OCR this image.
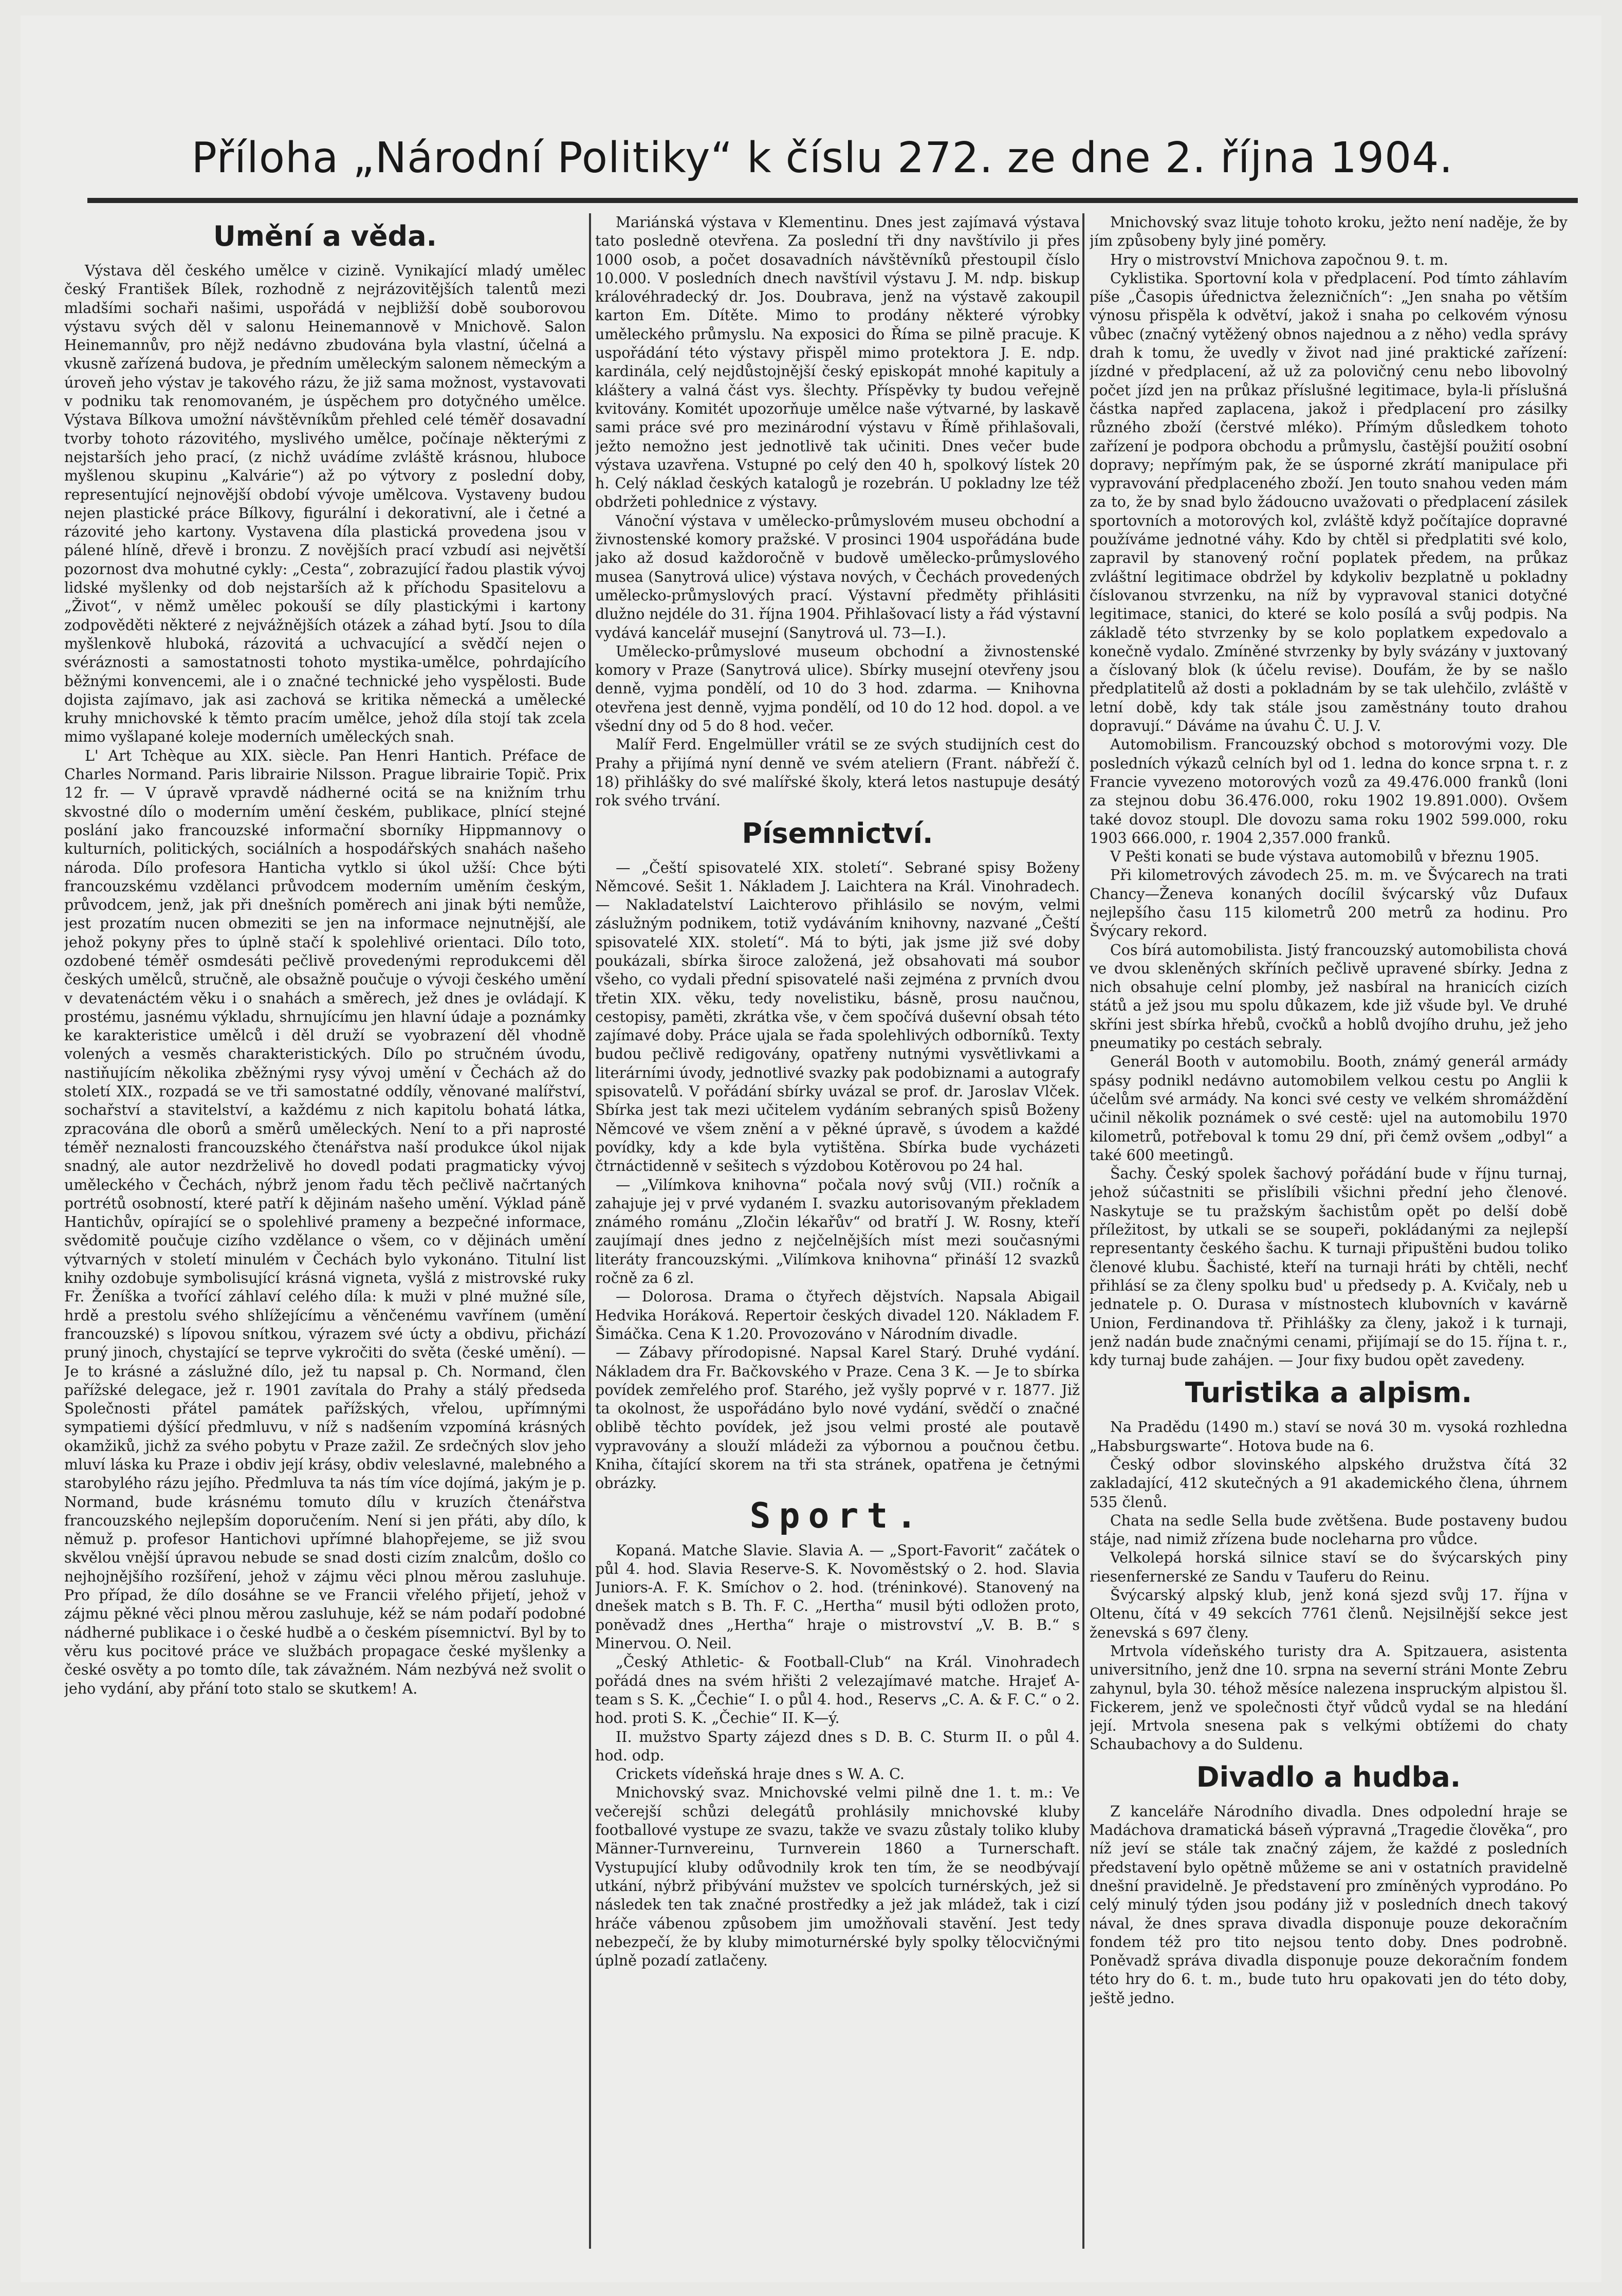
Příloha „Národní Politiky“ k číslu 272. ze dne 2. října 1904.
Umění a věda.

Výstava děl českého umělce v cizině. Vynikající mladý umělec český František Bílek, rozhodně z nejrázovitějších talentů mezi mladšími sochaři našimi, uspořádá v nejbližší době souborovou výstavu svých děl v salonu Heinemannově v Mnichově. Salon Heinemannův, pro nějž nedávno zbudována byla vlastní, účelná a vkusně zařízená budova, je předním uměleckým salonem německým a úroveň jeho výstav je takového rázu, že již sama možnost, vystavovati v podniku tak renomovaném, je úspěchem pro dotyčného umělce. Výstava Bílkova umožní návštěvníkům přehled celé téměř dosavadní tvorby tohoto rázovitého, myslivého umělce, počínaje některými z nejstarších jeho prací, (z nichž uvádíme zvláště krásnou, hluboce myšlenou skupinu „Kalvárie“) až po výtvory z poslední doby, representující nejnovější období vývoje umělcova. Vystaveny budou nejen plastické práce Bílkovy, figurální i dekorativní, ale i četné a rázovité jeho kartony. Vystavena díla plastická provedena jsou v pálené hlíně, dřevě i bronzu. Z novějších prací vzbudí asi největší pozornost dva mohutné cykly: „Cesta“, zobrazující řadou plastik vývoj lidské myšlenky od dob nejstarších až k příchodu Spasitelovu a „Život“, v němž umělec pokouší se díly plastickými i kartony zodpověděti některé z nejvážnějších otázek a záhad bytí. Jsou to díla myšlenkově hluboká, rázovitá a uchvacující a svědčí nejen o svéráznosti a samostatnosti tohoto mystika-umělce, pohrdajícího běžnými konvencemi, ale i o značné technické jeho vyspělosti. Bude dojista zajímavo, jak asi zachová se kritika německá a umělecké kruhy mnichovské k těmto pracím umělce, jehož díla stojí tak zcela mimo vyšlapané koleje moderních uměleckých snah.

L' Art Tchèque au XIX. siècle. Pan Henri Hantich. Préface de Charles Normand. Paris librairie Nilsson. Prague librairie Topič. Prix 12 fr. — V úpravě vpravdě nádherné ocitá se na knižním trhu skvostné dílo o moderním umění českém, publikace, plnící stejné poslání jako francouzské informační sborníky Hippmannovy o kulturních, politických, sociálních a hospodářských snahách našeho národa. Dílo profesora Hanticha vytklo si úkol užší: Chce býti francouzskému vzdělanci průvodcem moderním uměním českým, průvodcem, jenž, jak při dnešních poměrech ani jinak býti nemůže, jest prozatím nucen obmeziti se jen na informace nejnutnější, ale jehož pokyny přes to úplně stačí k spolehlivé orientaci. Dílo toto, ozdobené téměř osmdesáti pečlivě provedenými reprodukcemi děl českých umělců, stručně, ale obsažně poučuje o vývoji českého umění v devatenáctém věku i o snahách a směrech, jež dnes je ovládají. K prostému, jasnému výkladu, shrnujícímu jen hlavní údaje a poznámky ke karakteristice umělců i děl druží se vyobrazení děl vhodně volených a vesměs charakteristických. Dílo po stručném úvodu, nastiňujícím několika zběžnými rysy vývoj umění v Čechách až do století XIX., rozpadá se ve tři samostatné oddíly, věnované malířství, sochařství a stavitelství, a každému z nich kapitolu bohatá látka, zpracována dle oborů a směrů uměleckých. Není to a při naprosté téměř neznalosti francouzského čtenářstva naší produkce úkol nijak snadný, ale autor nezdrželivě ho dovedl podati pragmaticky vývoj uměleckého v Čechách, nýbrž jenom řadu těch pečlivě načrtaných portrétů osobností, které patří k dějinám našeho umění. Výklad páně Hantichův, opírající se o spolehlivé prameny a bezpečné informace, svědomitě poučuje cizího vzdělance o všem, co v dějinách umění výtvarných v století minulém v Čechách bylo vykonáno. Titulní list knihy ozdobuje symbolisující krásná vigneta, vyšlá z mistrovské ruky Fr. Ženíška a tvořící záhlaví celého díla: k muži v plné mužné síle, hrdě a prestolu svého shlížejícímu a věnčenému vavřínem (umění francouzské) s lípovou snítkou, výrazem své úcty a obdivu, přichází pruný jinoch, chystající se teprve vykročiti do světa (české umění). — Je to krásné a záslužné dílo, jež tu napsal p. Ch. Normand, člen pařížské delegace, jež r. 1901 zavítala do Prahy a stálý předseda Společnosti přátel památek pařížských, vřelou, upřímnými sympatiemi dýšící předmluvu, v níž s nadšením vzpomíná krásných okamžiků, jichž za svého pobytu v Praze zažil. Ze srdečných slov jeho mluví láska ku Praze i obdiv její krásy, obdiv veleslavné, malebného a starobylého rázu jejího. Předmluva ta nás tím více dojímá, jakým je p. Normand, bude krásnému tomuto dílu v kruzích čtenářstva francouzského nejlepším doporučením. Není si jen přáti, aby dílo, k němuž p. profesor Hantichovi upřímné blahopřejeme, se již svou skvělou vnější úpravou nebude se snad dosti cizím znalcům, došlo co nejhojnějšího rozšíření, jehož v zájmu věci plnou měrou zasluhuje. Pro případ, že dílo dosáhne se ve Francii vřelého přijetí, jehož v zájmu pěkné věci plnou měrou zasluhuje, kéž se nám podaří podobné nádherné publikace i o české hudbě a o českém písemnictví. Byl by to věru kus pocitové práce ve službách propagace české myšlenky a české osvěty a po tomto díle, tak závažném. Nám nezbývá než svolit o jeho vydání, aby přání toto stalo se skutkem! A.

Mariánská výstava v Klementinu. Dnes jest zajímavá výstava tato posledně otevřena. Za poslední tři dny navštívilo ji přes 1000 osob, a počet dosavadních návštěvníků přestoupil číslo 10.000. V posledních dnech navštívil výstavu J. M. ndp. biskup královéhradecký dr. Jos. Doubrava, jenž na výstavě zakoupil karton Em. Dítěte. Mimo to prodány některé výrobky uměleckého průmyslu. Na exposici do Říma se pilně pracuje. K uspořádání této výstavy přispěl mimo protektora J. E. ndp. kardinála, celý nejdůstojnější český episkopát mnohé kapituly a kláštery a valná část vys. šlechty. Příspěvky ty budou veřejně kvitovány. Komitét upozorňuje umělce naše výtvarné, by laskavě sami práce své pro mezinárodní výstavu v Římě přihlašovali, ježto nemožno jest jednotlivě tak učiniti. Dnes večer bude výstava uzavřena. Vstupné po celý den 40 h, spolkový lístek 20 h. Celý náklad českých katalogů je rozebrán. U pokladny lze též obdržeti pohlednice z výstavy.

Vánoční výstava v umělecko-průmyslovém museu obchodní a živnostenské komory pražské. V prosinci 1904 uspořádána bude jako až dosud každoročně v budově umělecko-průmyslového musea (Sanytrová ulice) výstava nových, v Čechách provedených umělecko-průmyslových prací. Výstavní předměty přihlásiti dlužno nejdéle do 31. října 1904. Přihlašovací listy a řád výstavní vydává kancelář musejní (Sanytrová ul. 73—I.).

Umělecko-průmyslové museum obchodní a živnostenské komory v Praze (Sanytrová ulice). Sbírky musejní otevřeny jsou denně, vyjma pondělí, od 10 do 3 hod. zdarma. — Knihovna otevřena jest denně, vyjma pondělí, od 10 do 12 hod. dopol. a ve všední dny od 5 do 8 hod. večer.

Malíř Ferd. Engelmüller vrátil se ze svých studijních cest do Prahy a přijímá nyní denně ve svém ateliern (Frant. nábřeží č. 18) přihlášky do své malířské školy, která letos nastupuje desátý rok svého trvání.

Písemnictví.

— „Čeští spisovatelé XIX. století“. Sebrané spisy Boženy Němcové. Sešit 1. Nákladem J. Laichtera na Král. Vinohradech. — Nakladatelství Laichterovo přihlásilo se novým, velmi záslužným podnikem, totiž vydáváním knihovny, nazvané „Čeští spisovatelé XIX. století“. Má to býti, jak jsme již své doby poukázali, sbírka široce založená, jež obsahovati má soubor všeho, co vydali přední spisovatelé naši zejména z prvních dvou třetin XIX. věku, tedy novelistiku, básně, prosu naučnou, cestopisy, paměti, zkrátka vše, v čem spočívá duševní obsah této zajímavé doby. Práce ujala se řada spolehlivých odborníků. Texty budou pečlivě redigovány, opatřeny nutnými vysvětlivkami a literárními úvody, jednotlivé svazky pak podobiznami a autografy spisovatelů. V pořádání sbírky uvázal se prof. dr. Jaroslav Vlček. Sbírka jest tak mezi učitelem vydáním sebraných spisů Boženy Němcové ve všem znění a v pěkné úpravě, s úvodem a každé povídky, kdy a kde byla vytištěna. Sbírka bude vycházeti čtrnáctidenně v sešitech s výzdobou Kotěrovou po 24 hal.

— „Vilímkova knihovna“ počala nový svůj (VII.) ročník a zahajuje jej v prvé vydaném I. svazku autorisovaným překladem známého románu „Zločin lékařův“ od bratří J. W. Rosny, kteří zaujímají dnes jedno z nejčelnějších míst mezi současnými literáty francouzskými. „Vilímkova knihovna“ přináší 12 svazků ročně za 6 zl.

— Dolorosa. Drama o čtyřech dějstvích. Napsala Abigail Hedvika Horáková. Repertoir českých divadel 120. Nákladem F. Šimáčka. Cena K 1.20. Provozováno v Národním divadle.

— Zábavy přírodopisné. Napsal Karel Starý. Druhé vydání. Nákladem dra Fr. Bačkovského v Praze. Cena 3 K. — Je to sbírka povídek zemřelého prof. Starého, jež vyšly poprvé v r. 1877. Již ta okolnost, že uspořádáno bylo nové vydání, svědčí o značné oblibě těchto povídek, jež jsou velmi prosté ale poutavě vypravovány a slouží mládeži za výbornou a poučnou četbu. Kniha, čítající skorem na tři sta stránek, opatřena je četnými obrázky.

Sport.

Kopaná. Matche Slavie. Slavia A. — „Sport-Favorit“ začátek o půl 4. hod. Slavia Reserve-S. K. Novoměstský o 2. hod. Slavia Juniors-A. F. K. Smíchov o 2. hod. (tréninkové). Stanovený na dnešek match s B. Th. F. C. „Hertha“ musil býti odložen proto, poněvadž dnes „Hertha“ hraje o mistrovství „V. B. B.“ s Minervou. O. Neil.

„Český Athletic- & Football-Club“ na Král. Vinohradech pořádá dnes na svém hřišti 2 velezajímavé matche. Hrajeť A-team s S. K. „Čechie“ I. o půl 4. hod., Reservs „C. A. & F. C.“ o 2. hod. proti S. K. „Čechie“ II. K—ý.

II. mužstvo Sparty zájezd dnes s D. B. C. Sturm II. o půl 4. hod. odp.

Crickets vídeňská hraje dnes s W. A. C.

Mnichovský svaz. Mnichovské velmi pilně dne 1. t. m.: Ve večerejší schůzi delegátů prohlásily mnichovské kluby footballové vystupe ze svazu, takže ve svazu zůstaly toliko kluby Männer-Turnvereinu, Turnverein 1860 a Turnerschaft. Vystupující kluby odůvodnily krok ten tím, že se neodbývají utkání, nýbrž přibývání mužstev ve spolcích turnérských, jež si následek ten tak značné prostředky a jež jak mládež, tak i cizí hráče vábenou způsobem jim umožňovali stavění. Jest tedy nebezpečí, že by kluby mimoturnérské byly spolky tělocvičnými úplně pozadí zatlačeny.

Mnichovský svaz lituje tohoto kroku, ježto není naděje, že by jím způsobeny byly jiné poměry.

Hry o mistrovství Mnichova započnou 9. t. m.

Cyklistika. Sportovní kola v předplacení. Pod tímto záhlavím píše „Časopis úřednictva železničních“: „Jen snaha po větším výnosu přispěla k odvětví, jakož i snaha po celkovém výnosu vůbec (značný vytěžený obnos najednou a z něho) vedla správy drah k tomu, že uvedly v život nad jiné praktické zařízení: jízdné v předplacení, až už za polovičný cenu nebo libovolný počet jízd jen na průkaz příslušné legitimace, byla-li příslušná částka napřed zaplacena, jakož i předplacení pro zásilky různého zboží (čerstvé mléko). Přímým důsledkem tohoto zařízení je podpora obchodu a průmyslu, častější použití osobní dopravy; nepřímým pak, že se úsporné zkrátí manipulace při vypravování předplaceného zboží. Jen touto snahou veden mám za to, že by snad bylo žádoucno uvažovati o předplacení zásilek sportovních a motorových kol, zvláště když počítajíce dopravné používáme jednotné váhy. Kdo by chtěl si předplatiti své kolo, zapravil by stanovený roční poplatek předem, na průkaz zvláštní legitimace obdržel by kdykoliv bezplatně u pokladny číslovanou stvrzenku, na níž by vypravoval stanici dotyčné legitimace, stanici, do které se kolo posílá a svůj podpis. Na základě této stvrzenky by se kolo poplatkem expedovalo a konečně vydalo. Zmíněné stvrzenky by byly svázány v juxtovaný a číslovaný blok (k účelu revise). Doufám, že by se našlo předplatitelů až dosti a pokladnám by se tak ulehčilo, zvláště v letní době, kdy tak stále jsou zaměstnány touto drahou dopravují.“ Dáváme na úvahu Č. U. J. V.

Automobilism. Francouzský obchod s motorovými vozy. Dle posledních výkazů celních byl od 1. ledna do konce srpna t. r. z Francie vyvezeno motorových vozů za 49.476.000 franků (loni za stejnou dobu 36.476.000, roku 1902 19.891.000). Ovšem také dovoz stoupl. Dle dovozu sama roku 1902 599.000, roku 1903 666.000, r. 1904 2,357.000 franků.

V Pešti konati se bude výstava automobilů v březnu 1905.

Při kilometrových závodech 25. m. m. ve Švýcarech na trati Chancy—Ženeva konaných docílil švýcarský vůz Dufaux nejlepšího času 115 kilometrů 200 metrů za hodinu. Pro Švýcary rekord.

Cos bírá automobilista. Jistý francouzský automobilista chová ve dvou skleněných skříních pečlivě upravené sbírky. Jedna z nich obsahuje celní plomby, jež nasbíral na hranicích cizích států a jež jsou mu spolu důkazem, kde již všude byl. Ve druhé skříni jest sbírka hřebů, cvočků a hoblů dvojího druhu, jež jeho pneumatiky po cestách sebraly.

Generál Booth v automobilu. Booth, známý generál armády spásy podnikl nedávno automobilem velkou cestu po Anglii k účelům své armády. Na konci své cesty ve velkém shromáždění učinil několik poznámek o své cestě: ujel na automobilu 1970 kilometrů, potřeboval k tomu 29 dní, při čemž ovšem „odbyl“ a také 600 meetingů.

Šachy. Český spolek šachový pořádání bude v říjnu turnaj, jehož súčastniti se přislíbili všichni přední jeho členové. Naskytuje se tu pražským šachistům opět po delší době příležitost, by utkali se se soupeři, pokládanými za nejlepší representanty českého šachu. K turnaji připuštěni budou toliko členové klubu. Šachisté, kteří na turnaji hráti by chtěli, nechť přihlásí se za členy spolku bud' u předsedy p. A. Kvičaly, neb u jednatele p. O. Durasa v místnostech klubovních v kavárně Union, Ferdinandova tř. Přihlášky za členy, jakož i k turnaji, jenž nadán bude značnými cenami, přijímají se do 15. října t. r., kdy turnaj bude zahájen. — Jour fixy budou opět zavedeny.

Turistika a alpism.

Na Pradědu (1490 m.) staví se nová 30 m. vysoká rozhledna „Habsburgswarte“. Hotova bude na 6.

Český odbor slovinského alpského družstva čítá 32 zakladající, 412 skutečných a 91 akademického člena, úhrnem 535 členů.

Chata na sedle Sella bude zvětšena. Bude postaveny budou stáje, nad nimiž zřízena bude nocleharna pro vůdce.

Velkolepá horská silnice staví se do švýcarských piny riesenfernerské ze Sandu v Tauferu do Reinu.

Švýcarský alpský klub, jenž koná sjezd svůj 17. října v Oltenu, čítá v 49 sekcích 7761 členů. Nejsilnější sekce jest ženevská s 697 členy.

Mrtvola vídeňského turisty dra A. Spitzauera, asistenta universitního, jenž dne 10. srpna na severní stráni Monte Zebru zahynul, byla 30. téhož měsíce nalezena inspruckým alpistou šl. Fickerem, jenž ve společnosti čtyř vůdců vydal se na hledání její. Mrtvola snesena pak s velkými obtížemi do chaty Schaubachovy a do Suldenu.

Divadlo a hudba.

Z kanceláře Národního divadla. Dnes odpolední hraje se Madáchova dramatická báseň výpravná „Tragedie člověka“, pro níž jeví se stále tak značný zájem, že každé z posledních představení bylo opětně můžeme se ani v ostatních pravidelně dnešní pravidelně. Je představení pro zmíněných vyprodáno. Po celý minulý týden jsou podány již v posledních dnech takový nával, že dnes sprava divadla disponuje pouze dekoračním fondem též pro tito nejsou tento doby. Dnes podrobně. Poněvadž správa divadla disponuje pouze dekoračním fondem této hry do 6. t. m., bude tuto hru opakovati jen do této doby, ještě jedno.
